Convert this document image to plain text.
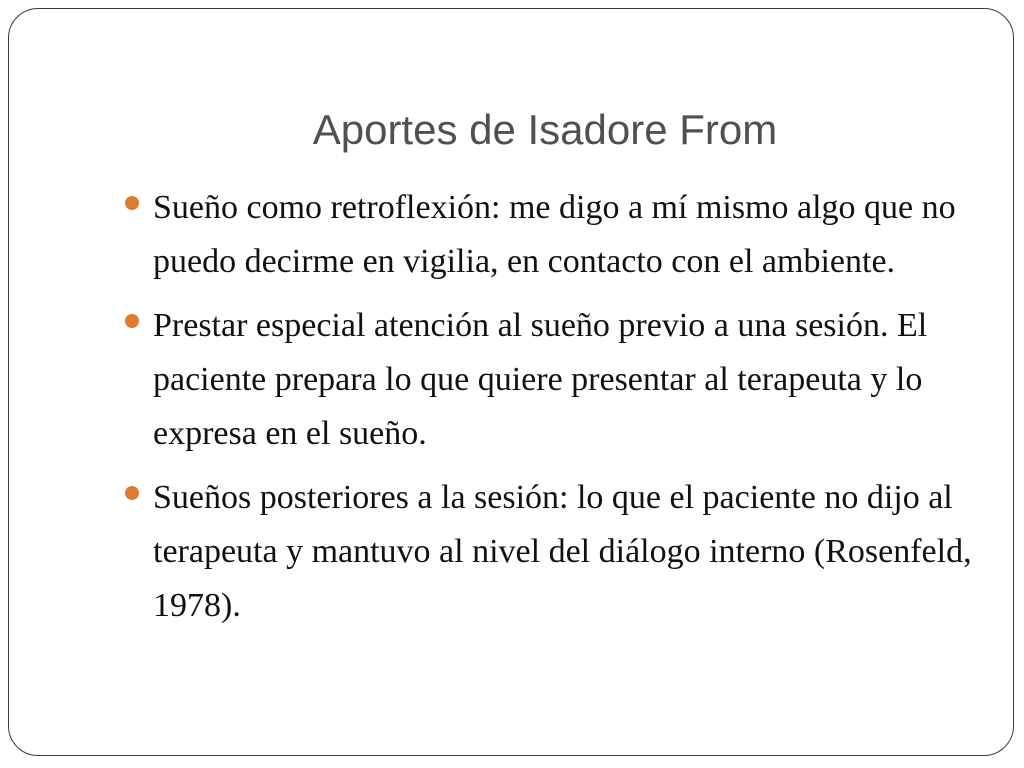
Aportes de Isadore From
Sueño como retroflexión: me digo a mí mismo algo que no puedo decirme en vigilia, en contacto con el ambiente.
Prestar especial atención al sueño previo a una sesión. El paciente prepara lo que quiere presentar al terapeuta y lo expresa en el sueño.
Sueños posteriores a la sesión: lo que el paciente no dijo al terapeuta y mantuvo al nivel del diálogo interno (Rosenfeld, 1978).
